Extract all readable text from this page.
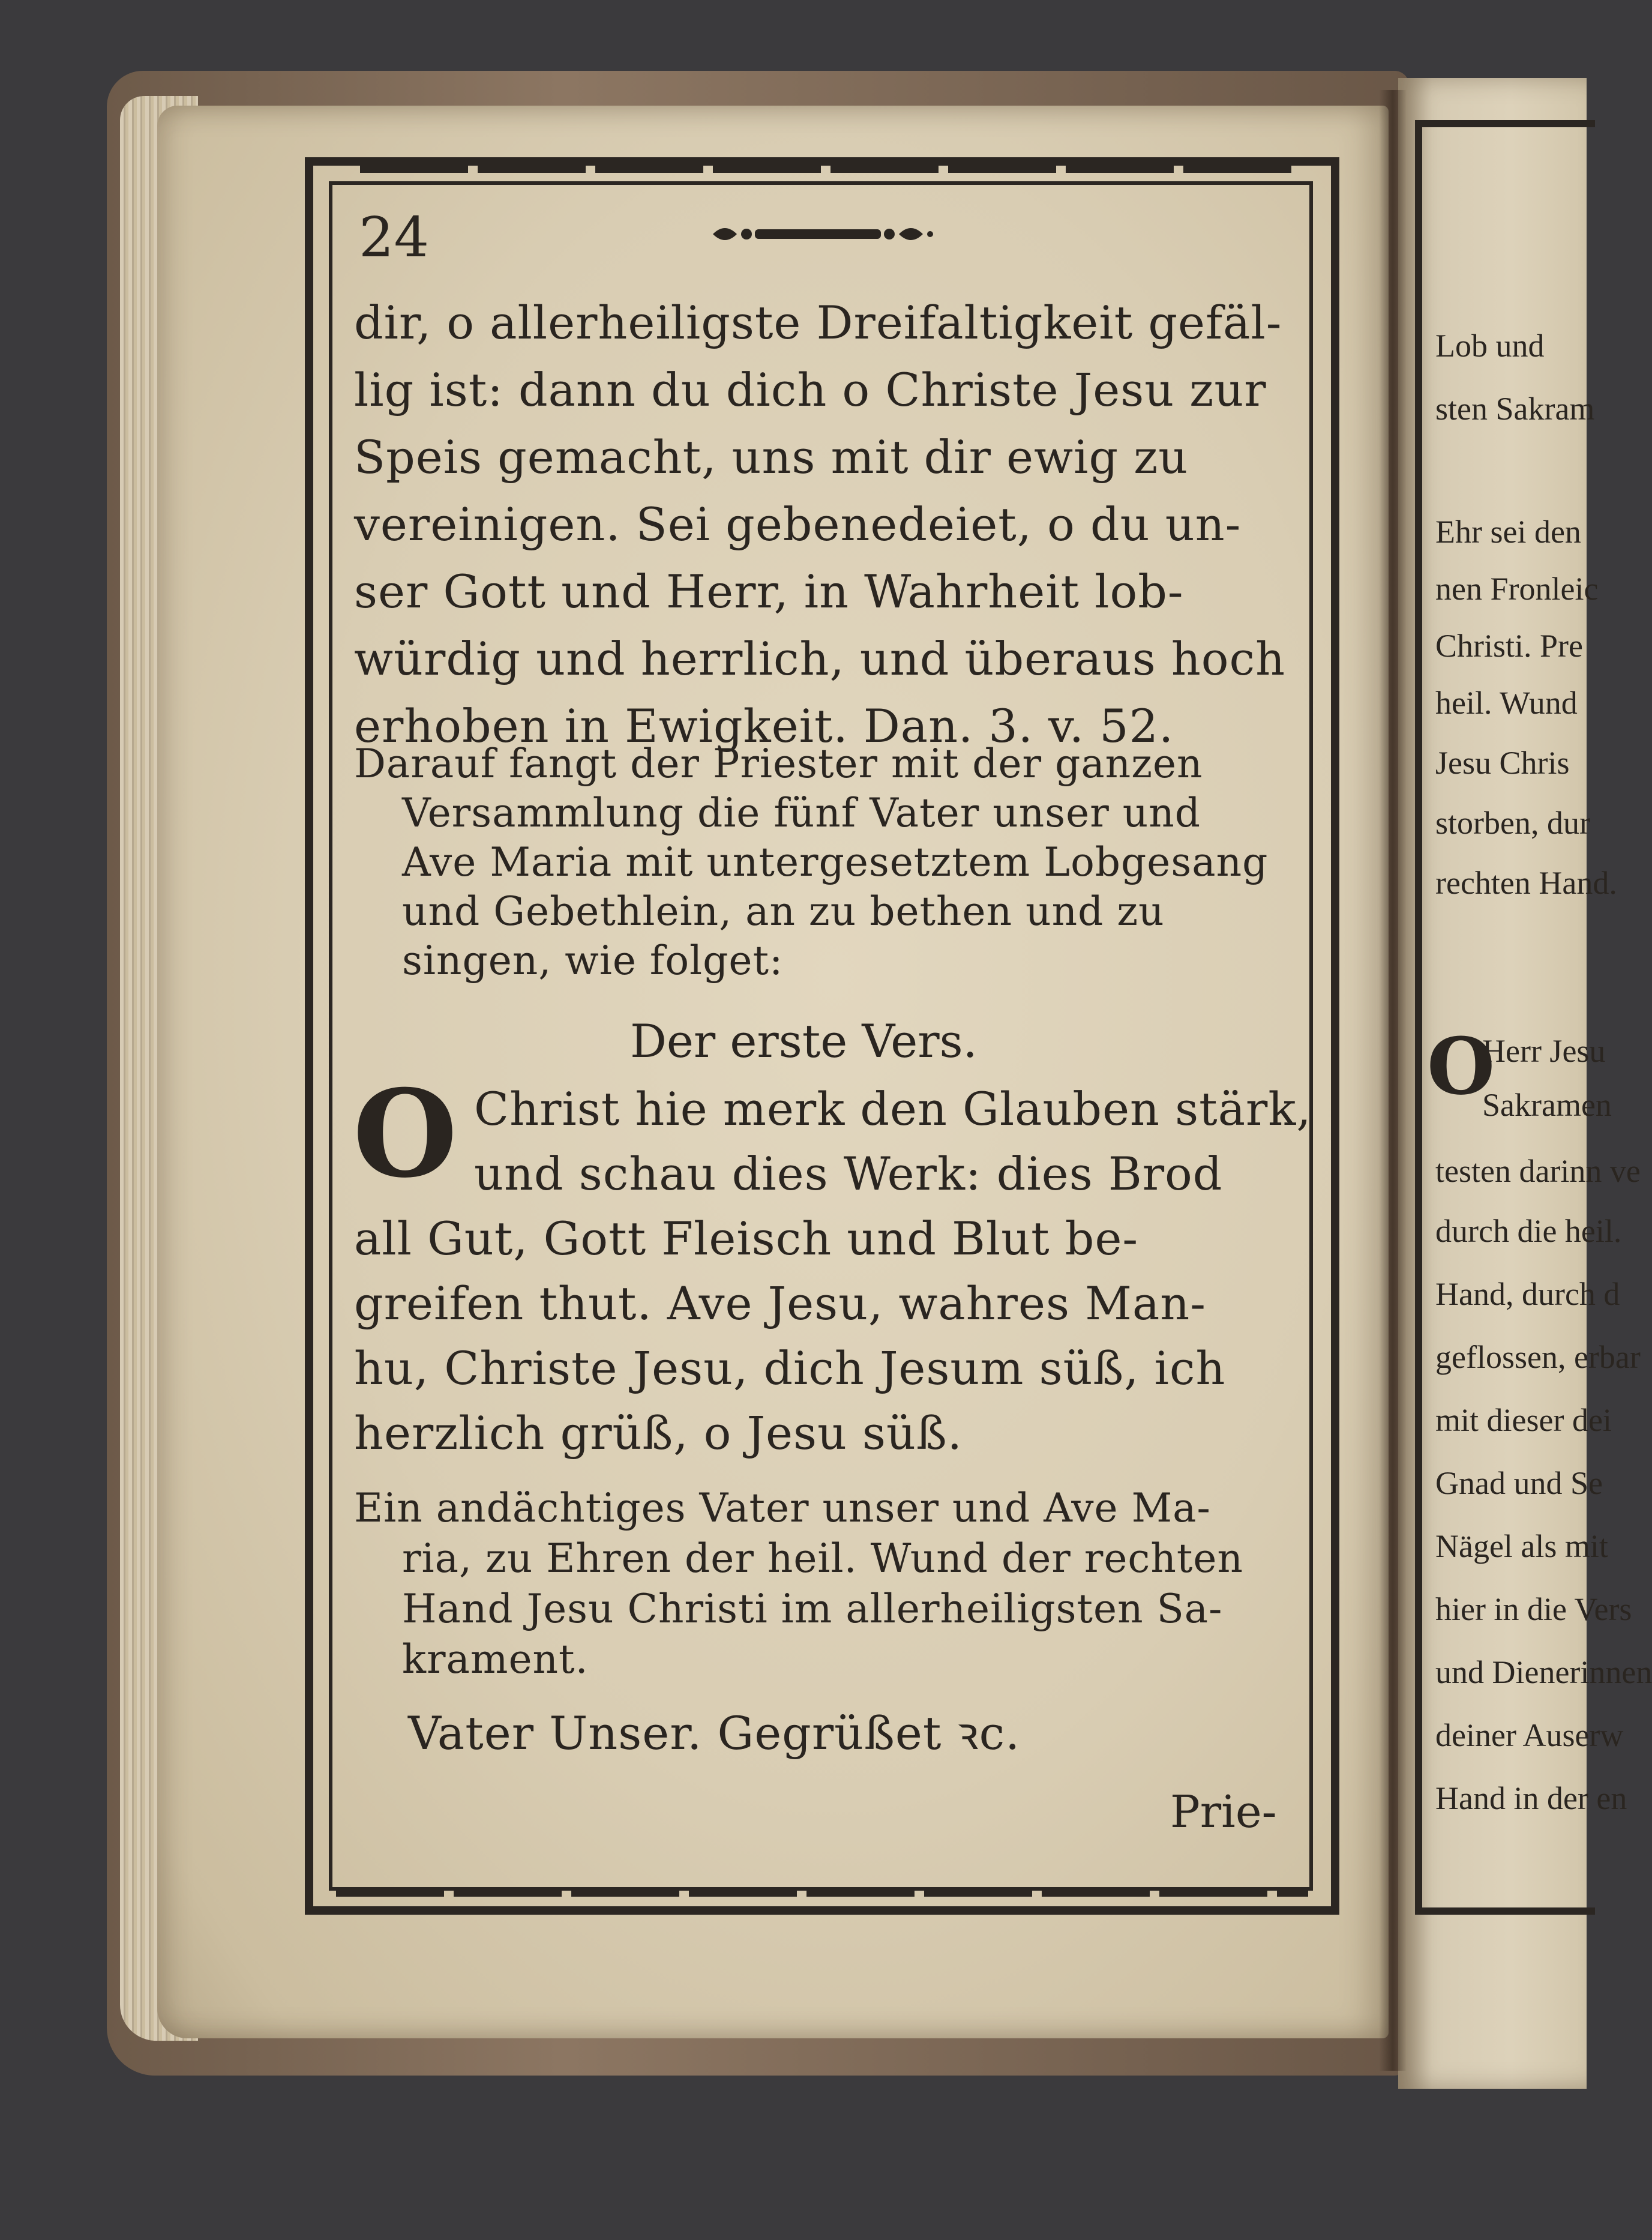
24
dir, o allerheiligste Dreifaltigkeit gefäl-
lig ist: dann du dich o Christe Jesu zur
Speis gemacht, uns mit dir ewig zu
vereinigen. Sei gebenedeiet, o du un-
ser Gott und Herr, in Wahrheit lob-
würdig und herrlich, und überaus hoch
erhoben in Ewigkeit. Dan. 3. v. 52.
Darauf fangt der Priester mit der ganzen
Versammlung die fünf Vater unser und
Ave Maria mit untergesetztem Lobgesang
und Gebethlein, an zu bethen und zu
singen, wie folget:
Der erste Vers.
O Christ hie merk den Glauben stärk,
und schau dies Werk: dies Brod
all Gut, Gott Fleisch und Blut be-
greifen thut. Ave Jesu, wahres Man-
hu, Christe Jesu, dich Jesum süß, ich
herzlich grüß, o Jesu süß.
Ein andächtiges Vater unser und Ave Ma-
ria, zu Ehren der heil. Wund der rechten
Hand Jesu Christi im allerheiligsten Sa-
krament.
Vater Unser. Gegrüßet ꝛc.
Prie-
Lob und
sten Sakram
Ehr sei den
nen Fronleic
Christi. Pre
heil. Wund
Jesu Chris
storben, dur
rechten Hand.
O
Herr Jesu
Sakramen
testen darinn ve
durch die heil.
Hand, durch d
geflossen, erbar
mit dieser dei
Gnad und Se
Nägel als mit
hier in die Vers
und Dienerinnen
deiner Auserw
Hand in der en
